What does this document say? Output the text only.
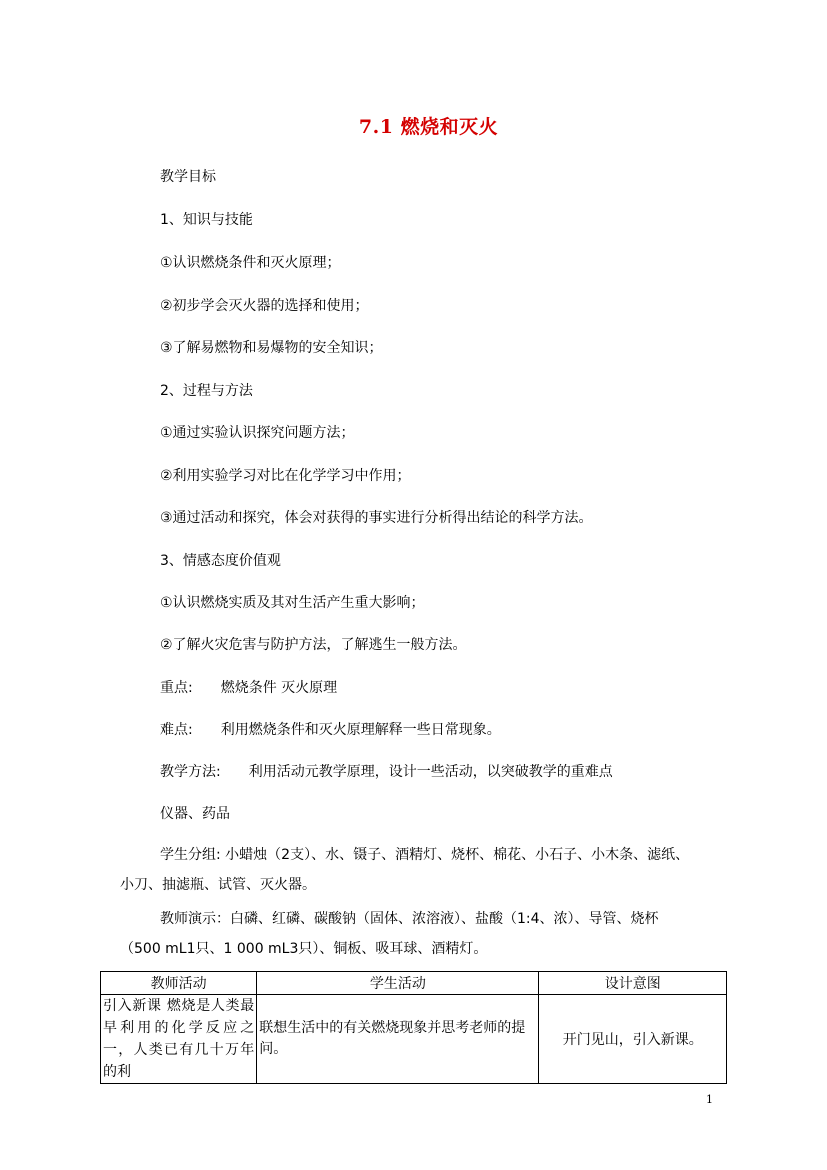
7.1 燃烧和灭火
教学目标
1、知识与技能
①认识燃烧条件和灭火原理；
②初步学会灭火器的选择和使用；
③了解易燃物和易爆物的安全知识；
2、过程与方法
①通过实验认识探究问题方法；
②利用实验学习对比在化学学习中作用；
③通过活动和探究，体会对获得的事实进行分析得出结论的科学方法。
3、情感态度价值观
①认识燃烧实质及其对生活产生重大影响；
②了解火灾危害与防护方法，了解逃生一般方法。
重点: 燃烧条件 灭火原理
难点: 利用燃烧条件和灭火原理解释一些日常现象。
教学方法: 利用活动元教学原理，设计一些活动，以突破教学的重难点
仪器、药品
学生分组: 小蜡烛（2支）、水、镊子、酒精灯、烧杯、棉花、小石子、小木条、滤纸、
小刀、抽滤瓶、试管、灭火器。
教师演示：白磷、红磷、碳酸钠（固体、浓溶液）、盐酸（1:4、浓）、导管、烧杯
（500 mL1只、1 000 mL3只）、铜板、吸耳球、酒精灯。
教师活动	学生活动	设计意图
引入新课 燃烧是人类最早利用的化学反应之一，人类已有几十万年的利	联想生活中的有关燃烧现象并思考老师的提问。	开门见山，引入新课。
1
